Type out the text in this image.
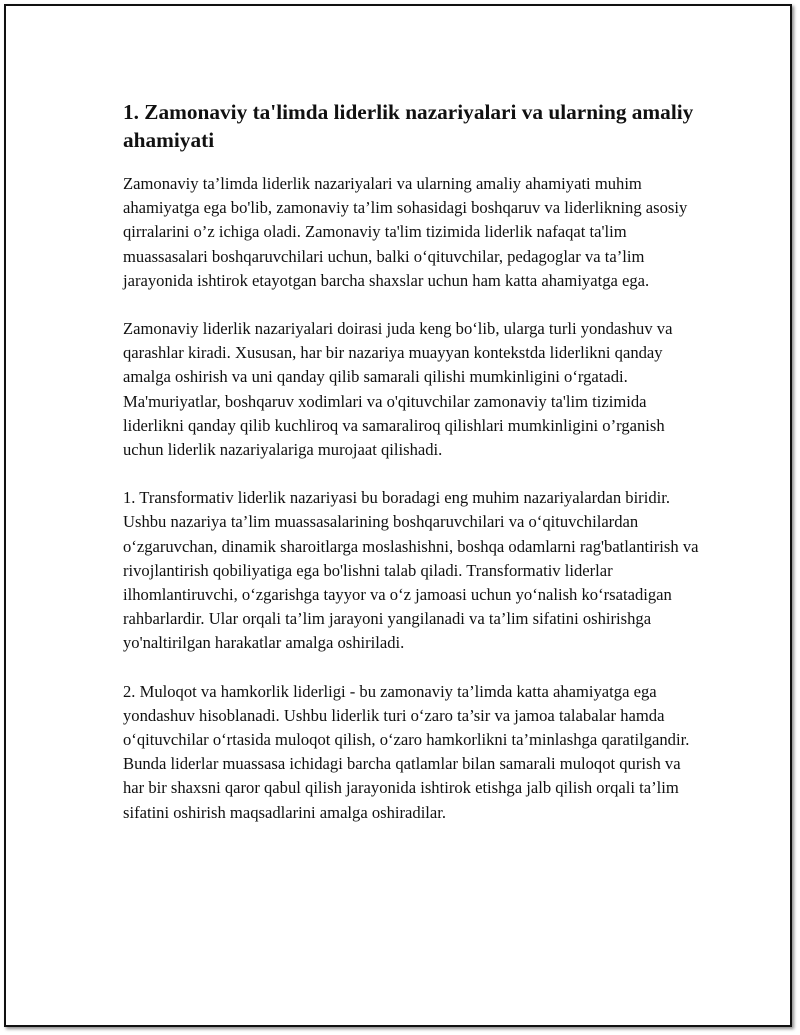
1. Zamonaviy ta'limda liderlik nazariyalari va ularning amaliy ahamiyati

Zamonaviy ta’limda liderlik nazariyalari va ularning amaliy ahamiyati muhim ahamiyatga ega bo'lib, zamonaviy ta’lim sohasidagi boshqaruv va liderlikning asosiy qirralarini o’z ichiga oladi. Zamonaviy ta'lim tizimida liderlik nafaqat ta'lim muassasalari boshqaruvchilari uchun, balki o‘qituvchilar, pedagoglar va ta’lim jarayonida ishtirok etayotgan barcha shaxslar uchun ham katta ahamiyatga ega.

Zamonaviy liderlik nazariyalari doirasi juda keng bo‘lib, ularga turli yondashuv va qarashlar kiradi. Xususan, har bir nazariya muayyan kontekstda liderlikni qanday amalga oshirish va uni qanday qilib samarali qilishi mumkinligini o‘rgatadi. Ma'muriyatlar, boshqaruv xodimlari va o'qituvchilar zamonaviy ta'lim tizimida liderlikni qanday qilib kuchliroq va samaraliroq qilishlari mumkinligini o’rganish uchun liderlik nazariyalariga murojaat qilishadi.

1. Transformativ liderlik nazariyasi bu boradagi eng muhim nazariyalardan biridir. Ushbu nazariya ta’lim muassasalarining boshqaruvchilari va o‘qituvchilardan o‘zgaruvchan, dinamik sharoitlarga moslashishni, boshqa odamlarni rag'batlantirish va rivojlantirish qobiliyatiga ega bo'lishni talab qiladi. Transformativ liderlar ilhomlantiruvchi, o‘zgarishga tayyor va o‘z jamoasi uchun yo‘nalish ko‘rsatadigan rahbarlardir. Ular orqali ta’lim jarayoni yangilanadi va ta’lim sifatini oshirishga yo'naltirilgan harakatlar amalga oshiriladi.

2. Muloqot va hamkorlik liderligi - bu zamonaviy ta’limda katta ahamiyatga ega yondashuv hisoblanadi. Ushbu liderlik turi o‘zaro ta’sir va jamoa talabalar hamda o‘qituvchilar o‘rtasida muloqot qilish, o‘zaro hamkorlikni ta’minlashga qaratilgandir. Bunda liderlar muassasa ichidagi barcha qatlamlar bilan samarali muloqot qurish va har bir shaxsni qaror qabul qilish jarayonida ishtirok etishga jalb qilish orqali ta’lim sifatini oshirish maqsadlarini amalga oshiradilar.
